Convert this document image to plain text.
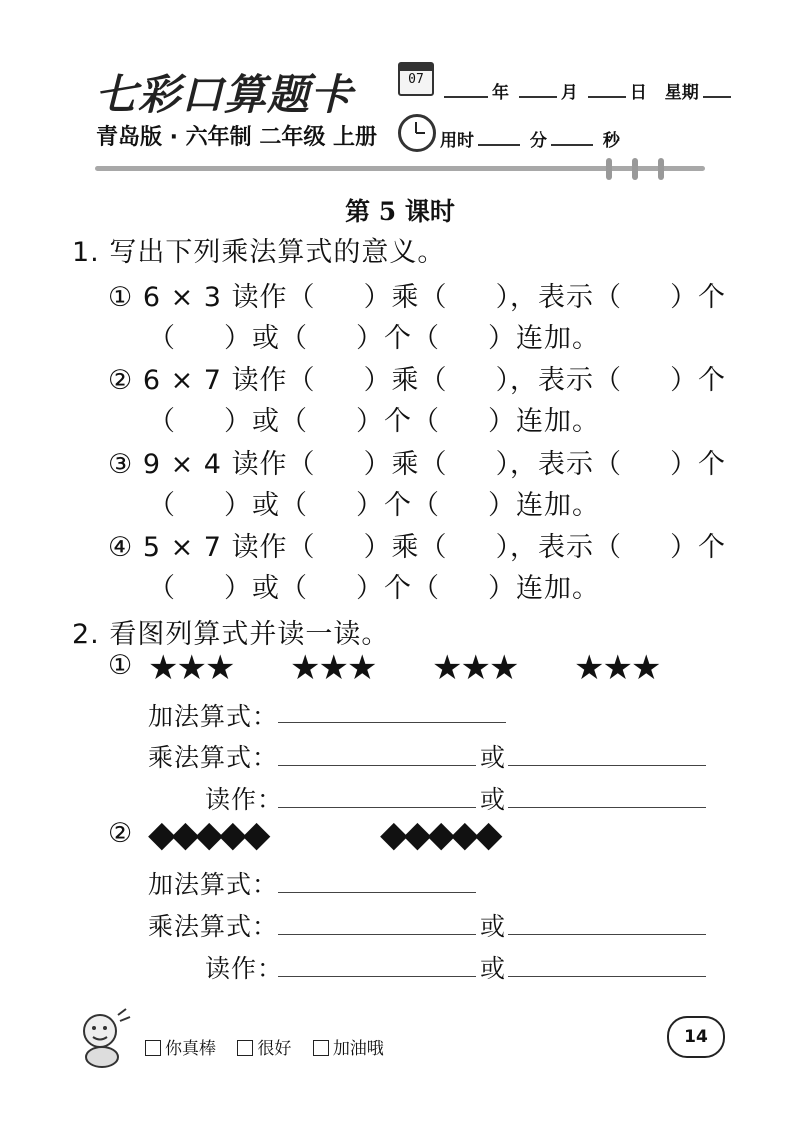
七彩口算题卡
青岛版 · 六年制 二年级 上册
07
年	月	日 星期
用时	分	秒
第 5 课时
1. 写出下列乘法算式的意义。
① 6 × 3 读作（ ）乘（ ），表示（ ）个
（ ）或（ ）个（ ）连加。
② 6 × 7 读作（ ）乘（ ），表示（ ）个
（ ）或（ ）个（ ）连加。
③ 9 × 4 读作（ ）乘（ ），表示（ ）个
（ ）或（ ）个（ ）连加。
④ 5 × 7 读作（ ）乘（ ），表示（ ）个
（ ）或（ ）个（ ）连加。
2. 看图列算式并读一读。
① ★★★ ★★★ ★★★ ★★★
加法算式：
乘法算式：	或
读作：	或
② ◆◆◆◆◆	◆◆◆◆◆
加法算式：
乘法算式：	或
读作：	或
你真棒 很好 加油哦
14
